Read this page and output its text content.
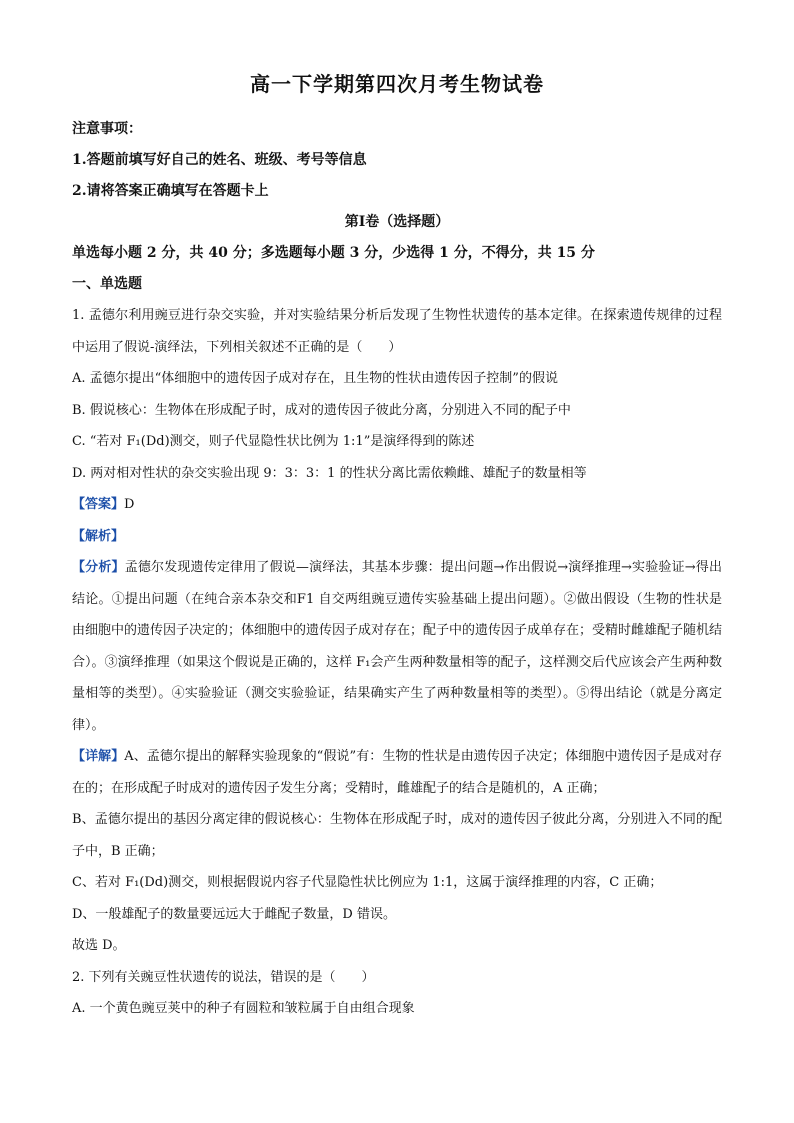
高一下学期第四次月考生物试卷
注意事项：
1.答题前填写好自己的姓名、班级、考号等信息
2.请将答案正确填写在答题卡上
第Ⅰ卷（选择题）
单选每小题 2 分，共 40 分；多选题每小题 3 分，少选得 1 分，不得分，共 15 分
一、单选题

1. 孟德尔利用豌豆进行杂交实验，并对实验结果分析后发现了生物性状遗传的基本定律。在探索遗传规律的过程中运用了假说-演绎法，下列相关叙述不正确的是（　　）

A. 孟德尔提出“体细胞中的遗传因子成对存在，且生物的性状由遗传因子控制”的假说
B. 假说核心：生物体在形成配子时，成对的遗传因子彼此分离，分别进入不同的配子中
C. “若对 F₁(Dd)测交，则子代显隐性状比例为 1:1”是演绎得到的陈述
D. 两对相对性状的杂交实验出现 9：3：3：1 的性状分离比需依赖雌、雄配子的数量相等
【答案】D
【解析】

【分析】孟德尔发现遗传定律用了假说—演绎法，其基本步骤：提出问题→作出假说→演绎推理→实验验证→得出结论。①提出问题（在纯合亲本杂交和F1 自交两组豌豆遗传实验基础上提出问题）。②做出假设（生物的性状是由细胞中的遗传因子决定的；体细胞中的遗传因子成对存在；配子中的遗传因子成单存在；受精时雌雄配子随机结合）。③演绎推理（如果这个假说是正确的，这样 F₁会产生两种数量相等的配子，这样测交后代应该会产生两种数量相等的类型）。④实验验证（测交实验验证，结果确实产生了两种数量相等的类型）。⑤得出结论（就是分离定律）。

【详解】A、孟德尔提出的解释实验现象的“假说”有：生物的性状是由遗传因子决定；体细胞中遗传因子是成对存在的；在形成配子时成对的遗传因子发生分离；受精时，雌雄配子的结合是随机的，A 正确；

B、孟德尔提出的基因分离定律的假说核心：生物体在形成配子时，成对的遗传因子彼此分离，分别进入不同的配子中，B 正确；

C、若对 F₁(Dd)测交，则根据假说内容子代显隐性状比例应为 1:1，这属于演绎推理的内容，C 正确；

D、一般雄配子的数量要远远大于雌配子数量，D 错误。

故选 D。

2. 下列有关豌豆性状遗传的说法，错误的是（　　）

A. 一个黄色豌豆荚中的种子有圆粒和皱粒属于自由组合现象
